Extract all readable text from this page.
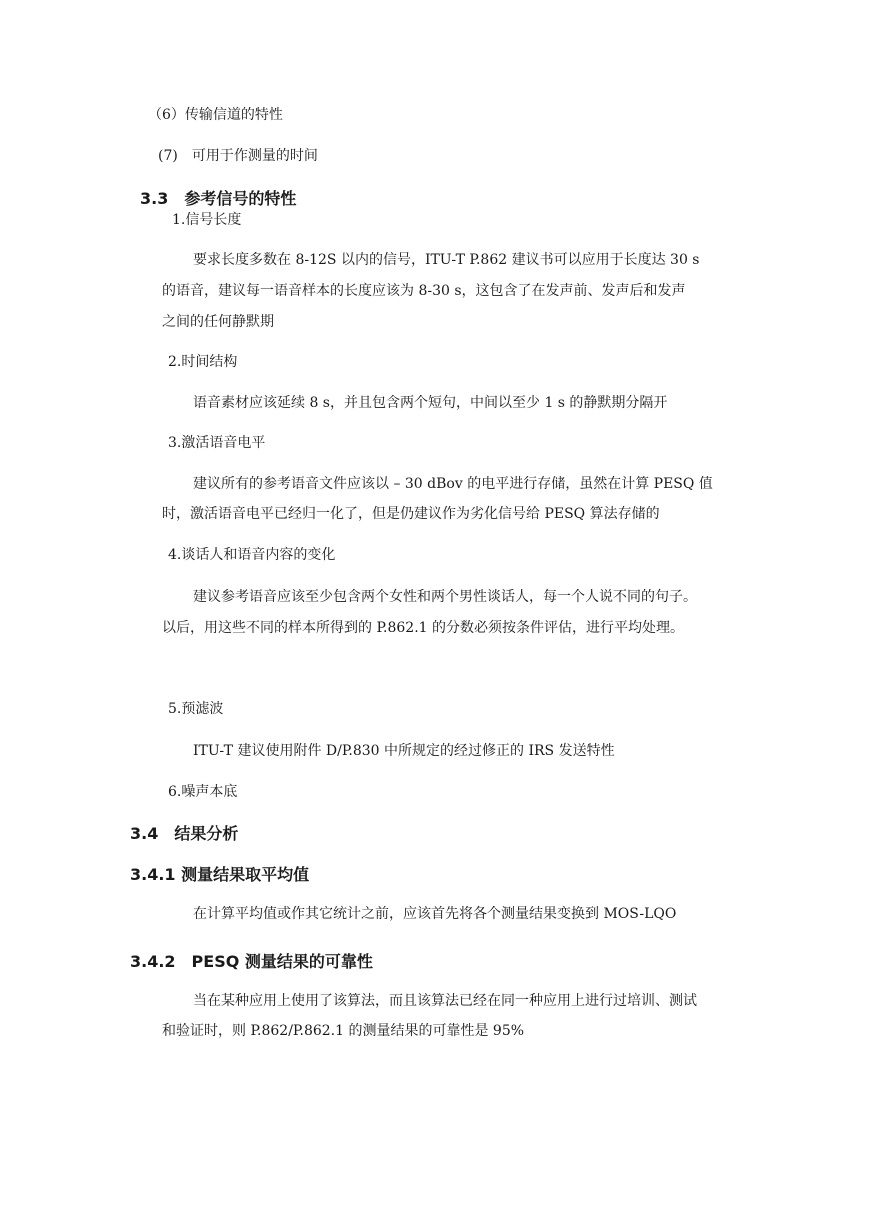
（6）传输信道的特性
(7)　可用于作测量的时间
3.3　参考信号的特性
1.信号长度
要求长度多数在 8-12S 以内的信号，ITU-T P.862 建议书可以应用于长度达 30 s
的语音，建议每一语音样本的长度应该为 8-30 s，这包含了在发声前、发声后和发声
之间的任何静默期
2.时间结构
语音素材应该延续 8 s，并且包含两个短句，中间以至少 1 s 的静默期分隔开
3.激活语音电平
建议所有的参考语音文件应该以 – 30 dBov 的电平进行存储，虽然在计算 PESQ 值
时，激活语音电平已经归一化了，但是仍建议作为劣化信号给 PESQ 算法存储的
4.谈话人和语音内容的变化
建议参考语音应该至少包含两个女性和两个男性谈话人，每一个人说不同的句子。
以后，用这些不同的样本所得到的 P.862.1 的分数必须按条件评估，进行平均处理。
5.预滤波
ITU-T 建议使用附件 D/P.830 中所规定的经过修正的 IRS 发送特性
6.噪声本底
3.4　结果分析
3.4.1 测量结果取平均值
在计算平均值或作其它统计之前，应该首先将各个测量结果变换到 MOS-LQO
3.4.2　PESQ 测量结果的可靠性
当在某种应用上使用了该算法，而且该算法已经在同一种应用上进行过培训、测试
和验证时，则 P.862/P.862.1 的测量结果的可靠性是 95%
